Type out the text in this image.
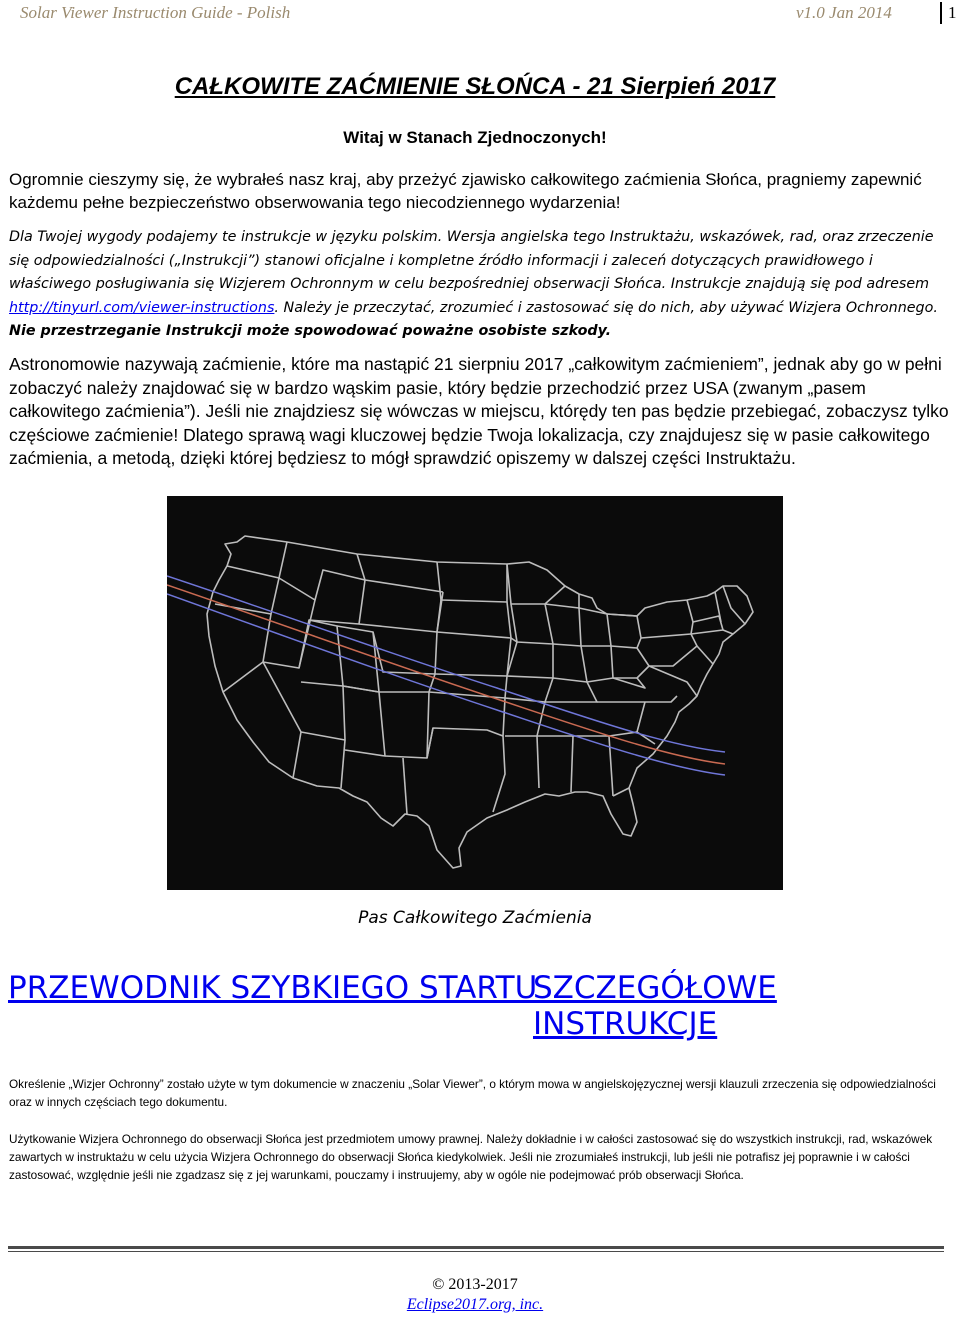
Solar Viewer Instruction Guide - Polish	v1.0 Jan 2014	1
CAŁKOWITE ZAĆMIENIE SŁOŃCA - 21 Sierpień 2017
Witaj w Stanach Zjednoczonych!
Ogromnie cieszymy się, że wybrałeś nasz kraj, aby przeżyć zjawisko całkowitego zaćmienia Słońca, pragniemy zapewnić każdemu pełne bezpieczeństwo obserwowania tego niecodziennego wydarzenia!
Dla Twojej wygody podajemy te instrukcje w języku polskim. Wersja angielska tego Instruktażu, wskazówek, rad, oraz zrzeczenie się odpowiedzialności („Instrukcji”) stanowi oficjalne i kompletne źródło informacji i zaleceń dotyczących prawidłowego i właściwego posługiwania się Wizjerem Ochronnym w celu bezpośredniej obserwacji Słońca. Instrukcje znajdują się pod adresem http://tinyurl.com/viewer-instructions. Należy je przeczytać, zrozumieć i zastosować się do nich, aby używać Wizjera Ochronnego. Nie przestrzeganie Instrukcji może spowodować poważne osobiste szkody.
Astronomowie nazywają zaćmienie, które ma nastąpić 21 sierpniu 2017 „całkowitym zaćmieniem”, jednak aby go w pełni zobaczyć należy znajdować się w bardzo wąskim pasie, który będzie przechodzić przez USA (zwanym „pasem całkowitego zaćmienia”). Jeśli nie znajdziesz się wówczas w miejscu, którędy ten pas będzie przebiegać, zobaczysz tylko częściowe zaćmienie! Dlatego sprawą wagi kluczowej będzie Twoja lokalizacja, czy znajdujesz się w pasie całkowitego zaćmienia, a metodą, dzięki której będziesz to mógł sprawdzić opiszemy w dalszej części Instruktażu.
Pas Całkowitego Zaćmienia
PRZEWODNIK SZYBKIEGO STARTU
SZCZEGÓŁOWE INSTRUKCJE
Określenie „Wizjer Ochronny” zostało użyte w tym dokumencie w znaczeniu „Solar Viewer”, o którym mowa w angielskojęzycznej wersji klauzuli zrzeczenia się odpowiedzialności oraz w innych częściach tego dokumentu.
Użytkowanie Wizjera Ochronnego do obserwacji Słońca jest przedmiotem umowy prawnej. Należy dokładnie i w całości zastosować się do wszystkich instrukcji, rad, wskazówek zawartych w instruktażu w celu użycia Wizjera Ochronnego do obserwacji Słońca kiedykolwiek. Jeśli nie zrozumiałeś instrukcji, lub jeśli nie potrafisz jej poprawnie i w całości zastosować, względnie jeśli nie zgadzasz się z jej warunkami, pouczamy i instruujemy, aby w ogóle nie podejmować prób obserwacji Słońca.
© 2013-2017
Eclipse2017.org, inc.
